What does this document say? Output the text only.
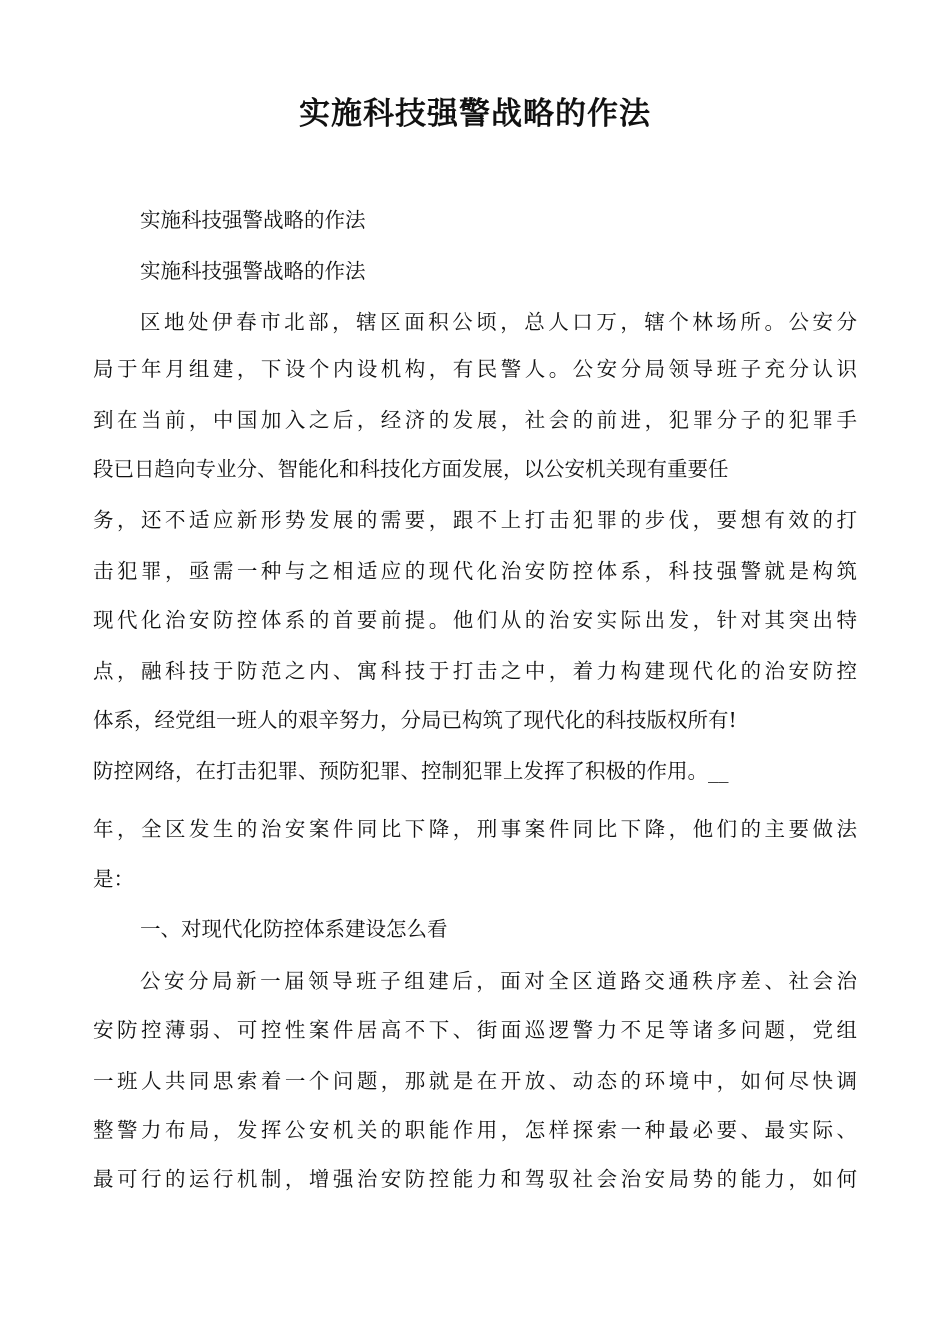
实施科技强警战略的作法

实施科技强警战略的作法

实施科技强警战略的作法

区地处伊春市北部，辖区面积公顷，总人口万，辖个林场所。公安分

局于年月组建，下设个内设机构，有民警人。公安分局领导班子充分认识

到在当前，中国加入之后，经济的发展，社会的前进，犯罪分子的犯罪手

段已日趋向专业分、智能化和科技化方面发展，以公安机关现有重要任

务，还不适应新形势发展的需要，跟不上打击犯罪的步伐，要想有效的打

击犯罪，亟需一种与之相适应的现代化治安防控体系，科技强警就是构筑

现代化治安防控体系的首要前提。他们从的治安实际出发，针对其突出特

点，融科技于防范之内、寓科技于打击之中，着力构建现代化的治安防控

体系，经党组一班人的艰辛努力，分局已构筑了现代化的科技版权所有!

防控网络，在打击犯罪、预防犯罪、控制犯罪上发挥了积极的作用。__

年，全区发生的治安案件同比下降，刑事案件同比下降，他们的主要做法

是：

一、对现代化防控体系建设怎么看

公安分局新一届领导班子组建后，面对全区道路交通秩序差、社会治

安防控薄弱、可控性案件居高不下、街面巡逻警力不足等诸多问题，党组

一班人共同思索着一个问题，那就是在开放、动态的环境中，如何尽快调

整警力布局，发挥公安机关的职能作用，怎样探索一种最必要、最实际、

最可行的运行机制，增强治安防控能力和驾驭社会治安局势的能力，如何
